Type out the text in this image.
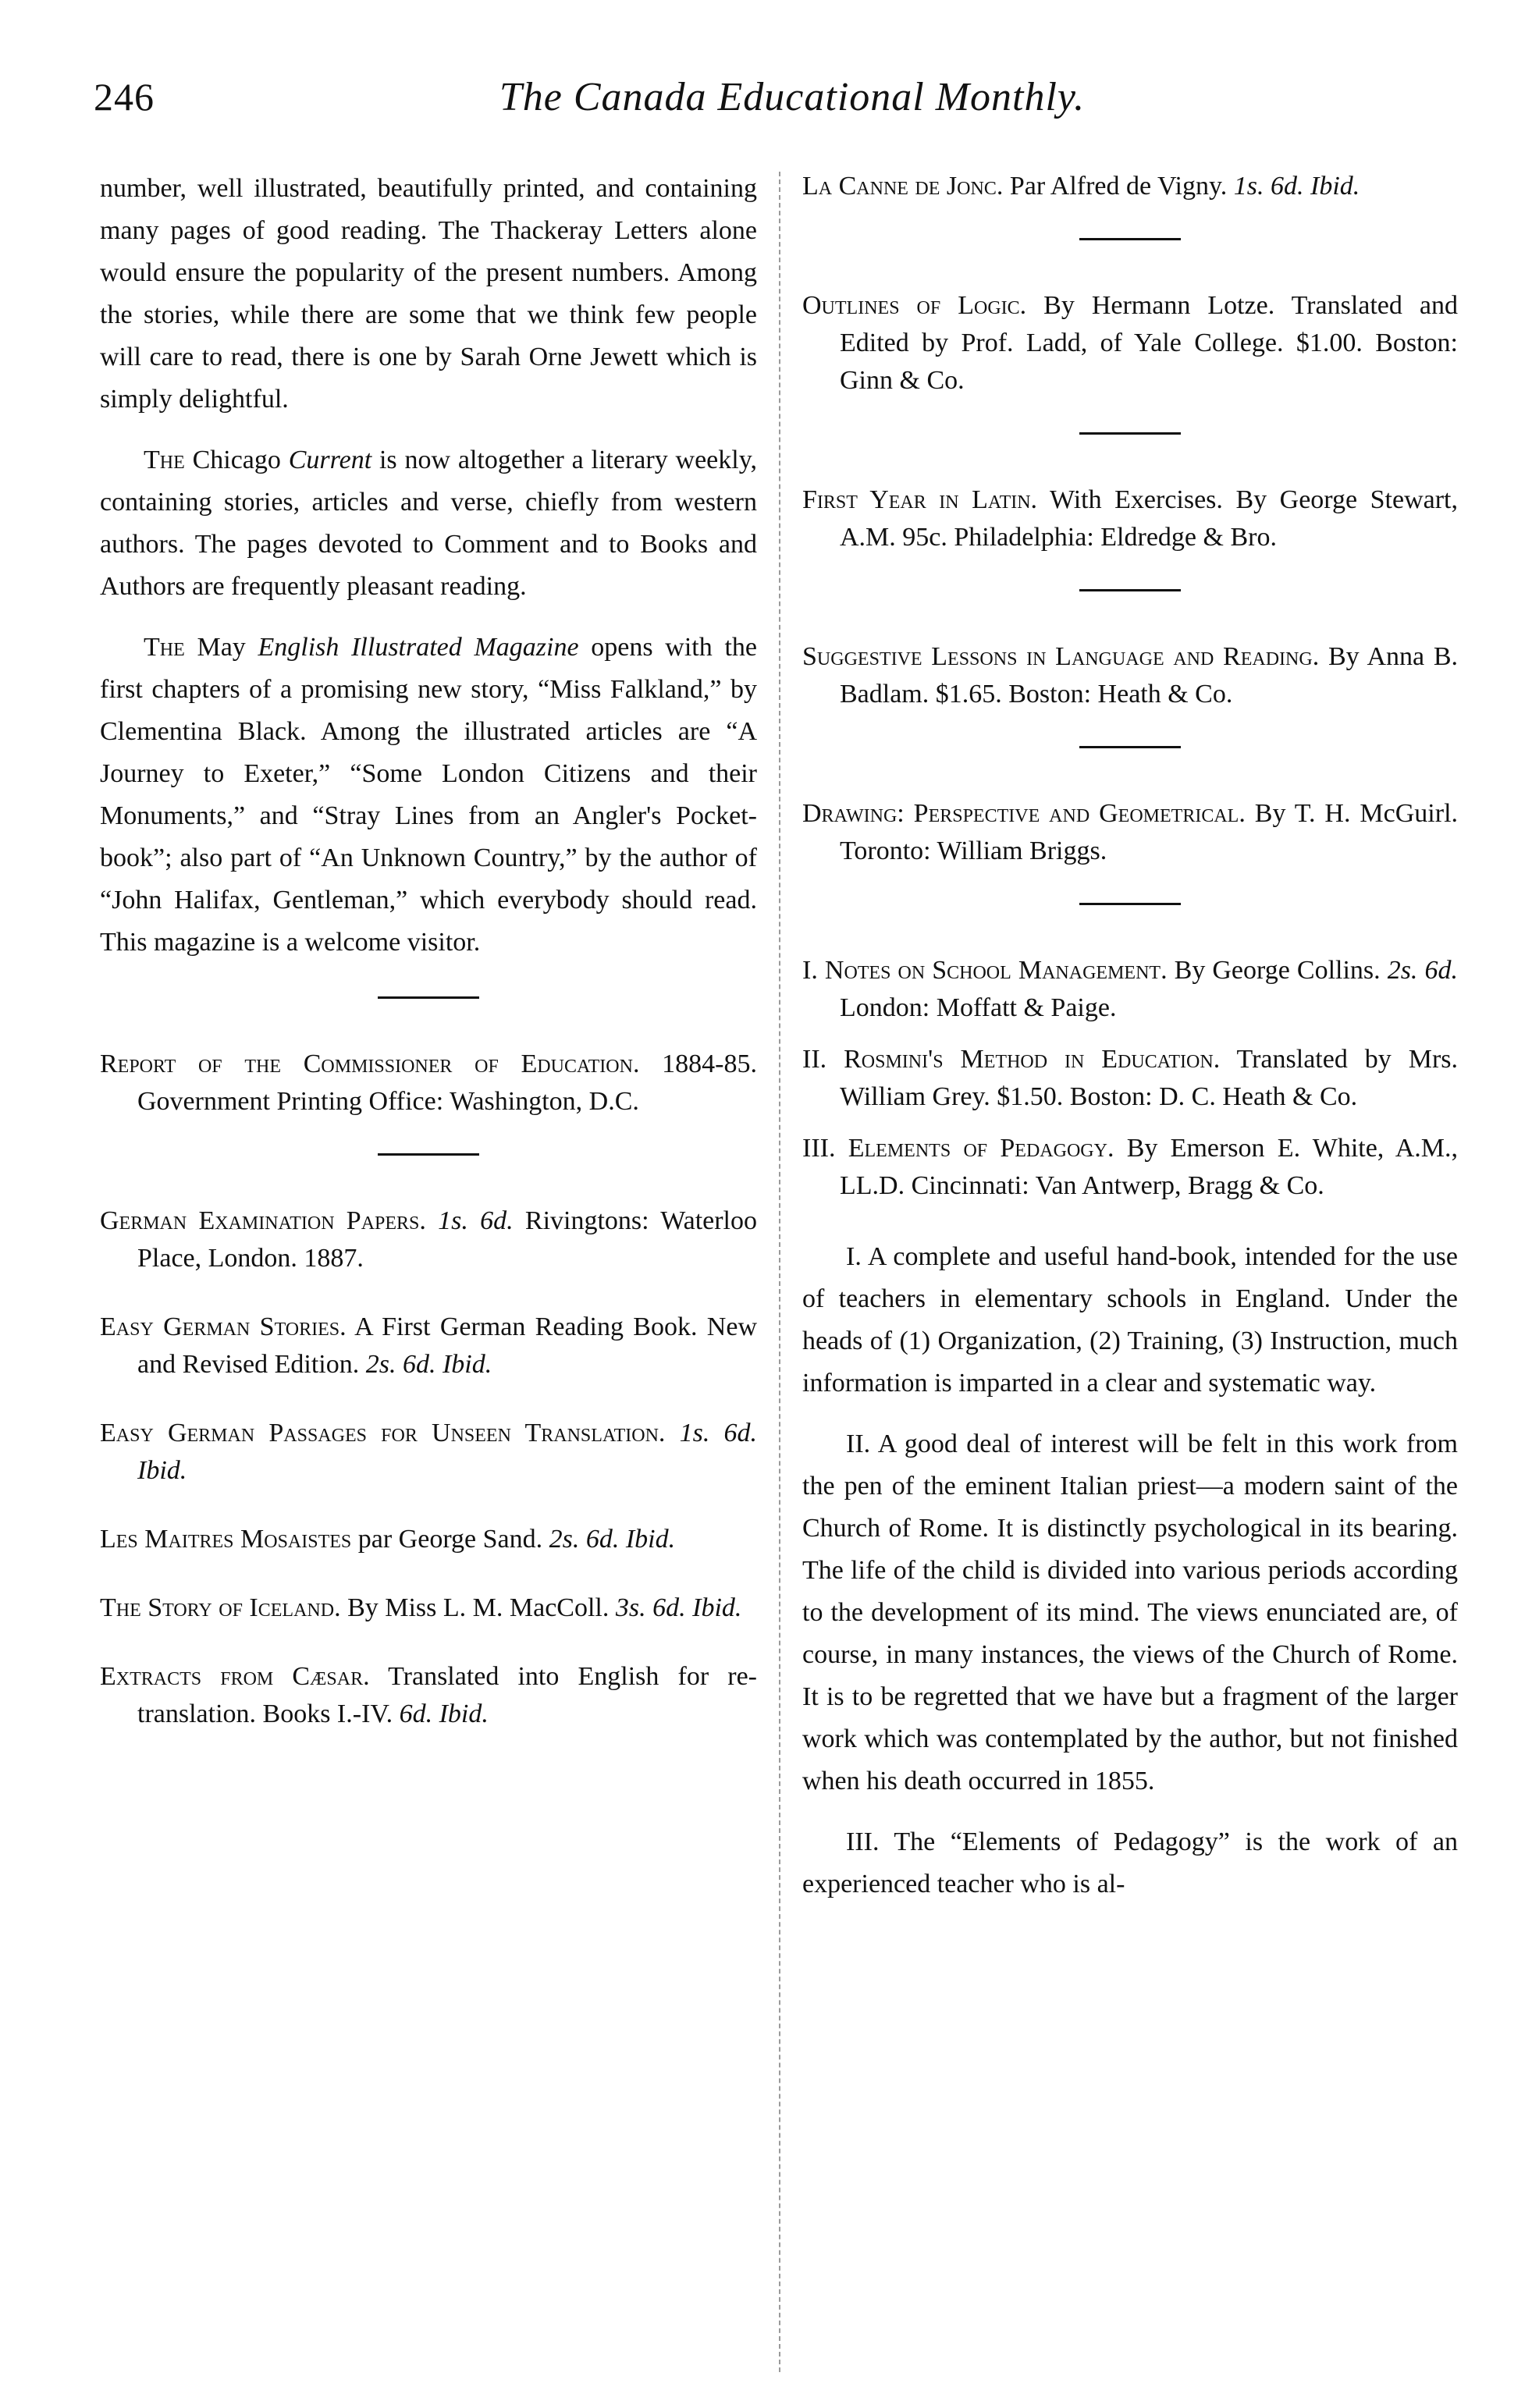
246	The Canada Educational Monthly.

number, well illustrated, beautifully printed, and containing many pages of good reading. The Thackeray Letters alone would ensure the popularity of the present numbers. Among the stories, while there are some that we think few people will care to read, there is one by Sarah Orne Jewett which is simply delightful.

The Chicago Current is now altogether a literary weekly, containing stories, articles and verse, chiefly from western authors. The pages devoted to Comment and to Books and Authors are frequently pleasant reading.

The May English Illustrated Magazine opens with the first chapters of a promising new story, “Miss Falkland,” by Clementina Black. Among the illustrated articles are “A Journey to Exeter,” “Some London Citizens and their Monuments,” and “Stray Lines from an Angler's Pocket-book”; also part of “An Unknown Country,” by the author of “John Halifax, Gentleman,” which everybody should read. This magazine is a welcome visitor.

Report of the Commissioner of Education. 1884-85. Government Printing Office: Washington, D.C.

German Examination Papers. 1s. 6d. Rivingtons: Waterloo Place, London. 1887.

Easy German Stories. A First German Reading Book. New and Revised Edition. 2s. 6d. Ibid.

Easy German Passages for Unseen Translation. 1s. 6d. Ibid.

Les Maitres Mosaistes par George Sand. 2s. 6d. Ibid.

The Story of Iceland. By Miss L. M. MacColl. 3s. 6d. Ibid.

Extracts from Cæsar. Translated into English for re-translation. Books I.-IV. 6d. Ibid.

La Canne de Jonc. Par Alfred de Vigny. 1s. 6d. Ibid.

Outlines of Logic. By Hermann Lotze. Translated and Edited by Prof. Ladd, of Yale College. $1.00. Boston: Ginn & Co.

First Year in Latin. With Exercises. By George Stewart, A.M. 95c. Philadelphia: Eldredge & Bro.

Suggestive Lessons in Language and Reading. By Anna B. Badlam. $1.65. Boston: Heath & Co.

Drawing: Perspective and Geometrical. By T. H. McGuirl. Toronto: William Briggs.

I. Notes on School Management. By George Collins. 2s. 6d. London: Moffatt & Paige.

II. Rosmini's Method in Education. Translated by Mrs. William Grey. $1.50. Boston: D. C. Heath & Co.

III. Elements of Pedagogy. By Emerson E. White, A.M., LL.D. Cincinnati: Van Antwerp, Bragg & Co.

I. A complete and useful hand-book, intended for the use of teachers in elementary schools in England. Under the heads of (1) Organization, (2) Training, (3) Instruction, much information is imparted in a clear and systematic way.

II. A good deal of interest will be felt in this work from the pen of the eminent Italian priest—a modern saint of the Church of Rome. It is distinctly psychological in its bearing. The life of the child is divided into various periods according to the development of its mind. The views enunciated are, of course, in many instances, the views of the Church of Rome. It is to be regretted that we have but a fragment of the larger work which was contemplated by the author, but not finished when his death occurred in 1855.

III. The “Elements of Pedagogy” is the work of an experienced teacher who is al-
